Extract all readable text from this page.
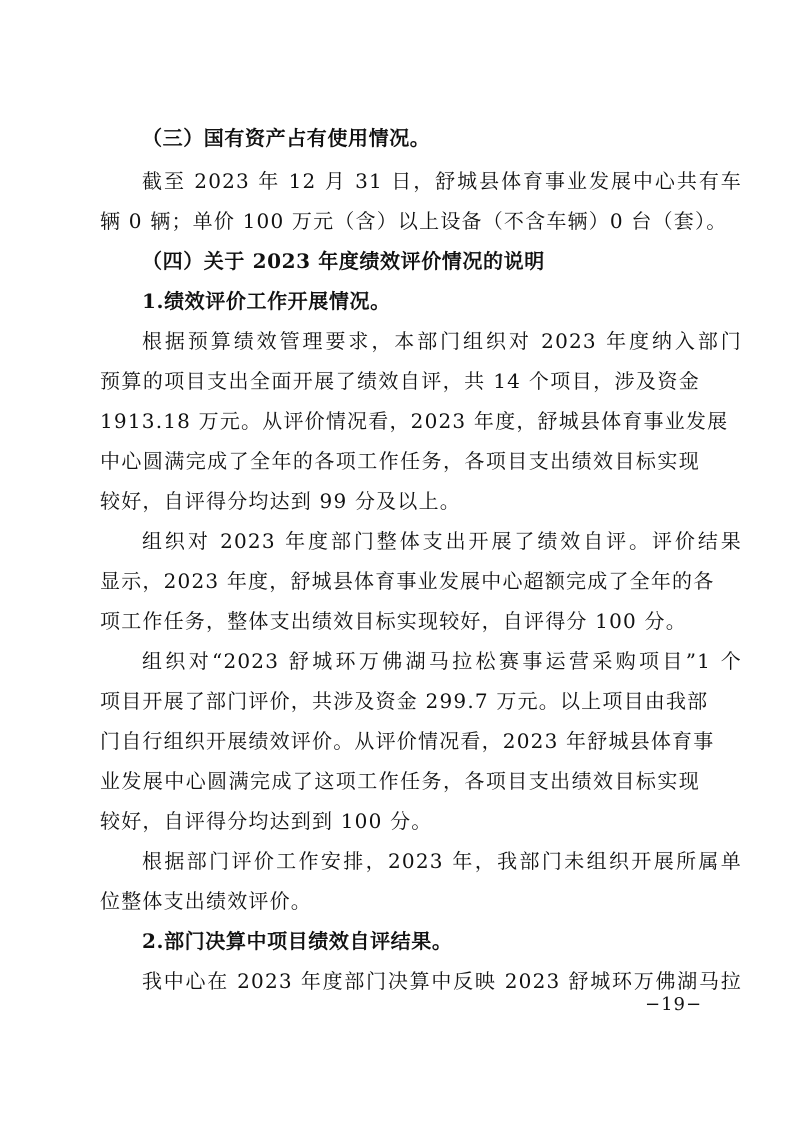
（三）国有资产占有使用情况。
截至 2023 年 12 月 31 日，舒城县体育事业发展中心共有车
辆 0 辆；单价 100 万元（含）以上设备（不含车辆）0 台（套）。
（四）关于 2023 年度绩效评价情况的说明
1.绩效评价工作开展情况。
根据预算绩效管理要求，本部门组织对 2023 年度纳入部门
预算的项目支出全面开展了绩效自评，共 14 个项目，涉及资金
1913.18 万元。从评价情况看，2023 年度，舒城县体育事业发展
中心圆满完成了全年的各项工作任务，各项目支出绩效目标实现
较好，自评得分均达到 99 分及以上。
组织对 2023 年度部门整体支出开展了绩效自评。评价结果
显示，2023 年度，舒城县体育事业发展中心超额完成了全年的各
项工作任务，整体支出绩效目标实现较好，自评得分 100 分。
组织对“2023 舒城环万佛湖马拉松赛事运营采购项目”1 个
项目开展了部门评价，共涉及资金 299.7 万元。以上项目由我部
门自行组织开展绩效评价。从评价情况看，2023 年舒城县体育事
业发展中心圆满完成了这项工作任务，各项目支出绩效目标实现
较好，自评得分均达到到 100 分。
根据部门评价工作安排，2023 年，我部门未组织开展所属单
位整体支出绩效评价。
2.部门决算中项目绩效自评结果。
我中心在 2023 年度部门决算中反映 2023 舒城环万佛湖马拉
−19−
